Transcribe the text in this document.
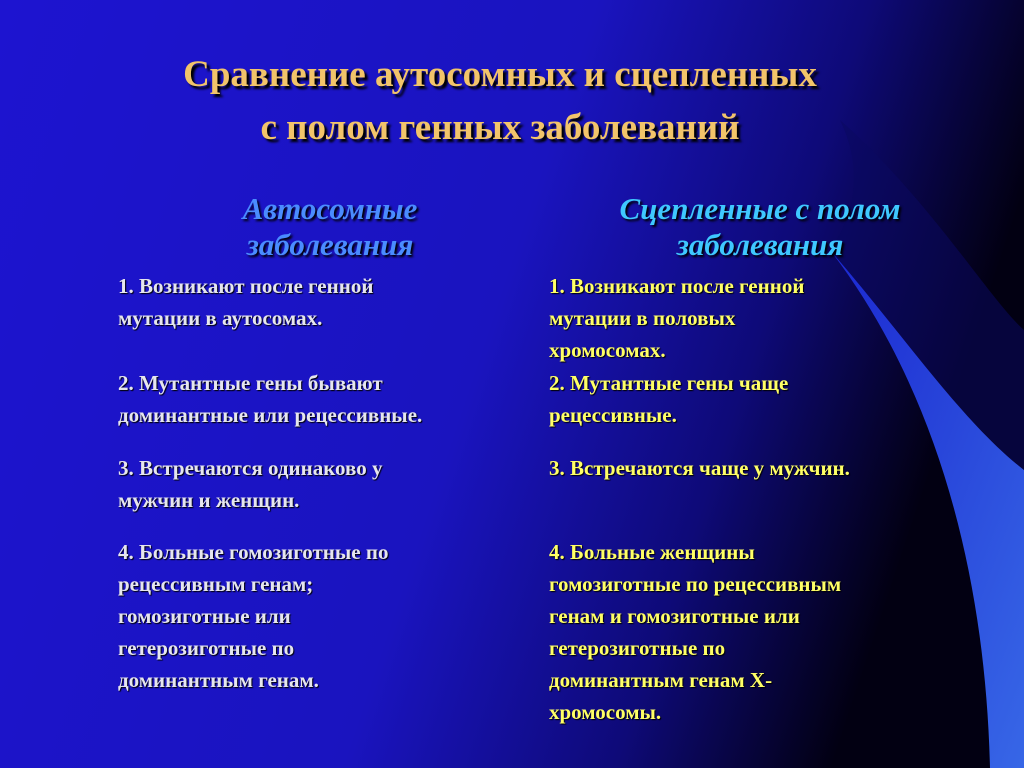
Сравнение аутосомных и сцепленных
с полом генных заболеваний
Автосомные
заболевания
Сцепленные с полом
заболевания
1. Возникают после генной
мутации в аутосомах.
2. Мутантные гены бывают
доминантные или рецессивные.
3. Встречаются одинаково у
мужчин и женщин.
4. Больные гомозиготные по
рецессивным генам;
гомозиготные или
гетерозиготные по
доминантным генам.
1. Возникают после генной
мутации в половых
хромосомах.
2. Мутантные гены чаще
рецессивные.
3. Встречаются чаще у мужчин.
4. Больные женщины
гомозиготные по рецессивным
генам и гомозиготные или
гетерозиготные по
доминантным генам Х-
хромосомы.
